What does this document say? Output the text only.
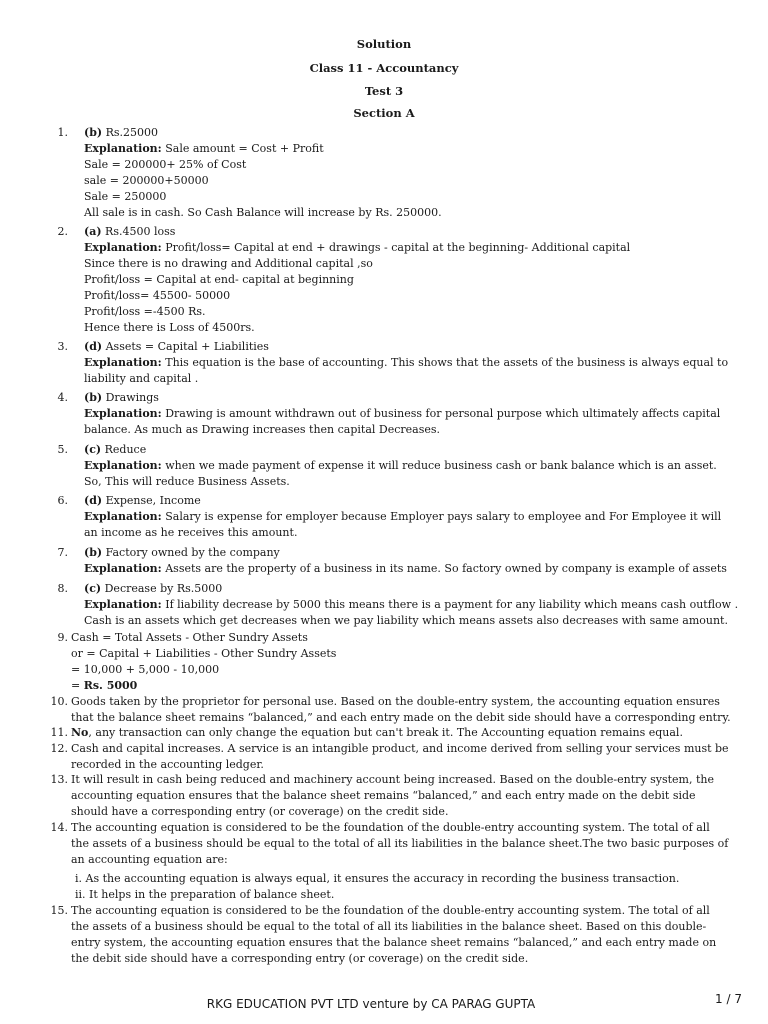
Solution
Class 11 - Accountancy
Test 3
Section A
1. (b) Rs.25000
Explanation: Sale amount = Cost + Profit
Sale = 200000+ 25% of Cost
sale = 200000+50000
Sale = 250000
All sale is in cash. So Cash Balance will increase by Rs. 250000.
2. (a) Rs.4500 loss
Explanation: Profit/loss= Capital at end + drawings - capital at the beginning- Additional capital
Since there is no drawing and Additional capital ,so
Profit/loss = Capital at end- capital at beginning
Profit/loss= 45500- 50000
Profit/loss =-4500 Rs.
Hence there is Loss of 4500rs.
3. (d) Assets = Capital + Liabilities
Explanation: This equation is the base of accounting. This shows that the assets of the business is always equal to liability and capital .
4. (b) Drawings
Explanation: Drawing is amount withdrawn out of business for personal purpose which ultimately affects capital balance. As much as Drawing increases then capital Decreases.
5. (c) Reduce
Explanation: when we made payment of expense it will reduce business cash or bank balance which is an asset. So, This will reduce Business Assets.
6. (d) Expense, Income
Explanation: Salary is expense for employer because Employer pays salary to employee and For Employee it will an income as he receives this amount.
7. (b) Factory owned by the company
Explanation: Assets are the property of a business in its name. So factory owned by company is example of assets
8. (c) Decrease by Rs.5000
Explanation: If liability decrease by 5000 this means there is a payment for any liability which means cash outflow .
Cash is an assets which get decreases when we pay liability which means assets also decreases with same amount.
9. Cash = Total Assets - Other Sundry Assets
or = Capital + Liabilities - Other Sundry Assets
= 10,000 + 5,000 - 10,000
= Rs. 5000
10. Goods taken by the proprietor for personal use. Based on the double-entry system, the accounting equation ensures that the balance sheet remains “balanced,” and each entry made on the debit side should have a corresponding entry.
11. No, any transaction can only change the equation but can't break it. The Accounting equation remains equal.
12. Cash and capital increases. A service is an intangible product, and income derived from selling your services must be recorded in the accounting ledger.
13. It will result in cash being reduced and machinery account being increased. Based on the double-entry system, the accounting equation ensures that the balance sheet remains “balanced,” and each entry made on the debit side should have a corresponding entry (or coverage) on the credit side.
14. The accounting equation is considered to be the foundation of the double-entry accounting system. The total of all the assets of a business should be equal to the total of all its liabilities in the balance sheet.The two basic purposes of an accounting equation are:
i. As the accounting equation is always equal, it ensures the accuracy in recording the business transaction.
ii. It helps in the preparation of balance sheet.
15. The accounting equation is considered to be the foundation of the double-entry accounting system. The total of all the assets of a business should be equal to the total of all its liabilities in the balance sheet. Based on this double-entry system, the accounting equation ensures that the balance sheet remains “balanced,” and each entry made on the debit side should have a corresponding entry (or coverage) on the credit side.
RKG EDUCATION PVT LTD venture by CA PARAG GUPTA	1 / 7
